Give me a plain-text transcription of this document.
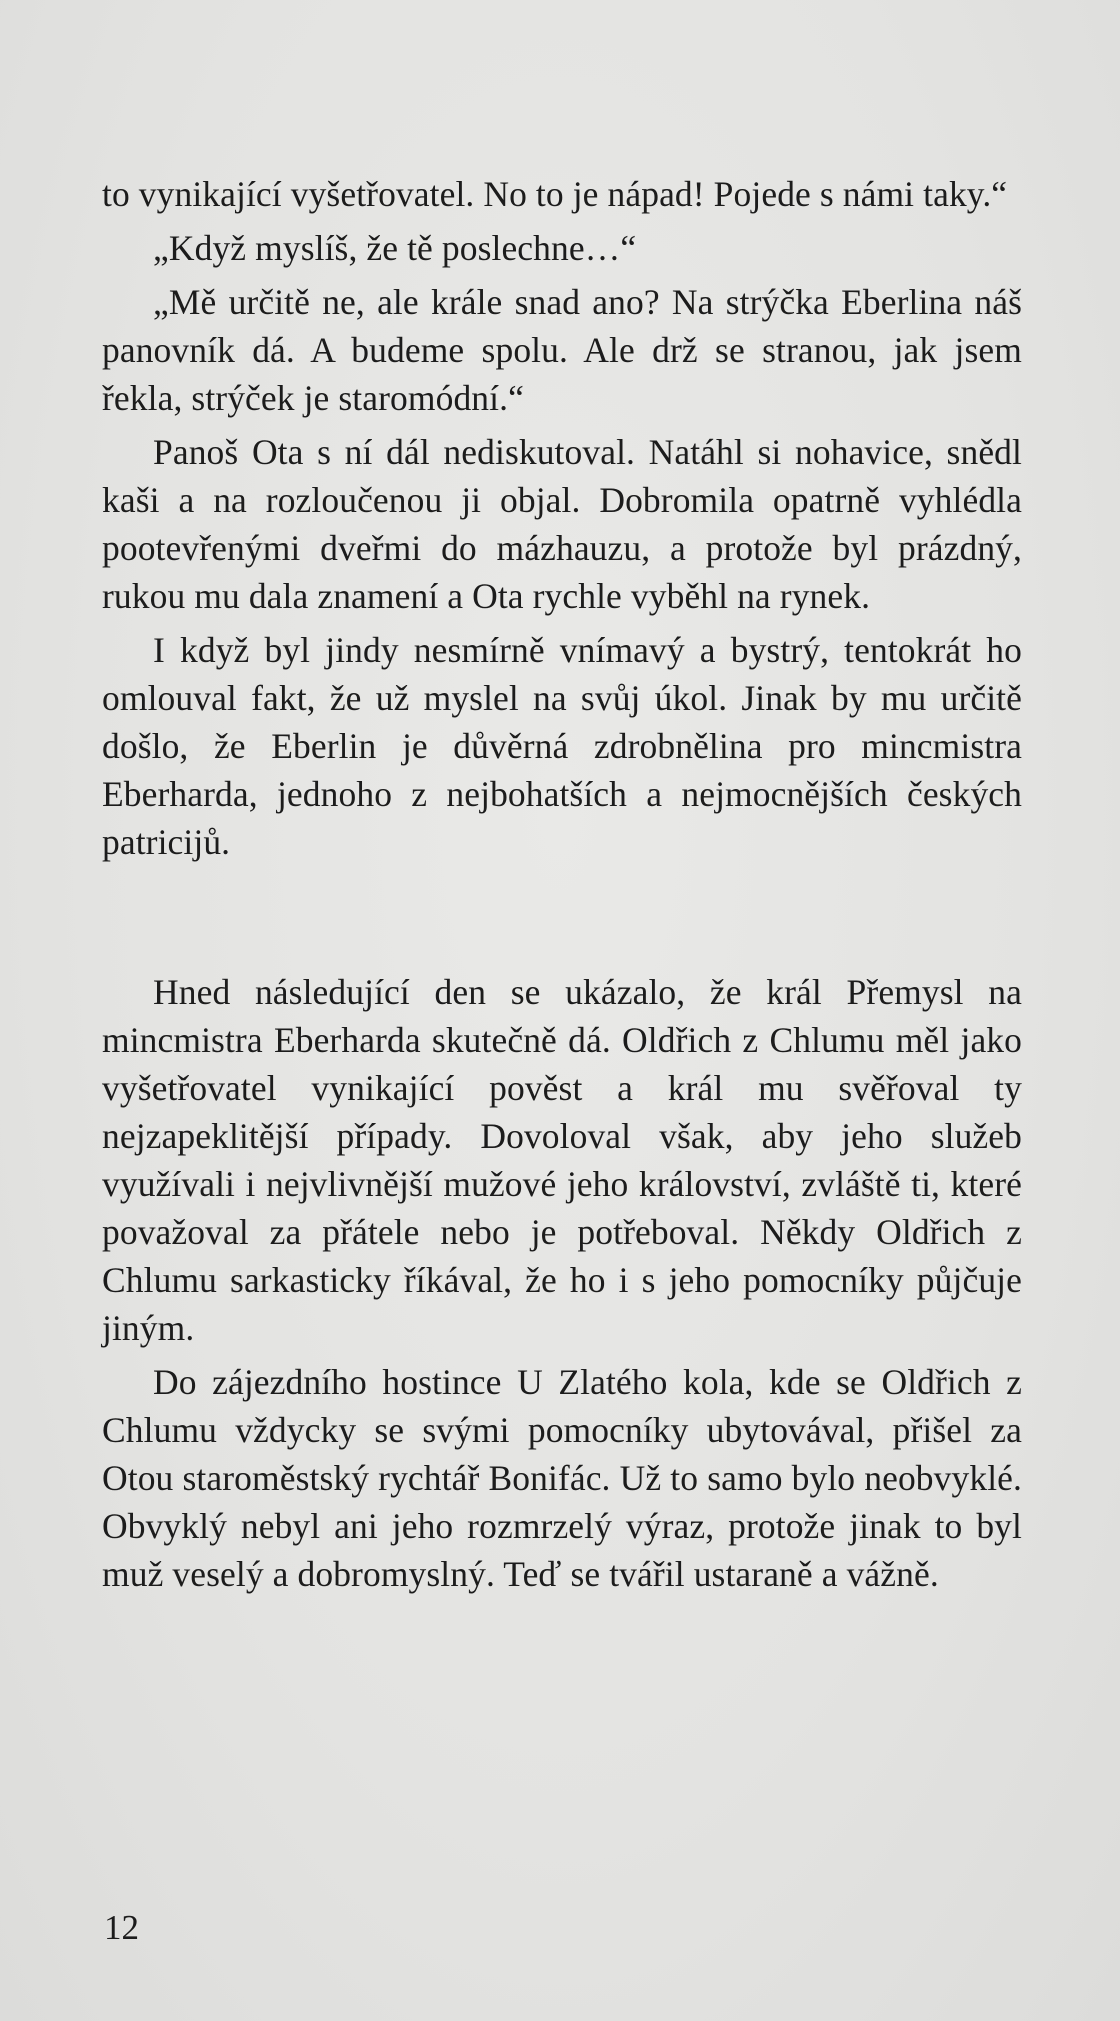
to vynikající vyšetřovatel. No to je nápad! Pojede s námi taky.“

„Když myslíš, že tě poslechne…“

„Mě určitě ne, ale krále snad ano? Na strýčka Eberlina náš panovník dá. A budeme spolu. Ale drž se stranou, jak jsem řekla, strýček je staromódní.“

Panoš Ota s ní dál nediskutoval. Natáhl si nohavice, snědl kaši a na rozloučenou ji objal. Dobromila opatrně vyhlédla pootevřenými dveřmi do mázhauzu, a protože byl prázdný, rukou mu dala znamení a Ota rychle vyběhl na rynek.

I když byl jindy nesmírně vnímavý a bystrý, tentokrát ho omlouval fakt, že už myslel na svůj úkol. Jinak by mu určitě došlo, že Eberlin je důvěrná zdrobnělina pro mincmistra Eberharda, jednoho z nejbohatších a nejmocnějších českých patricijů.

Hned následující den se ukázalo, že král Přemysl na mincmistra Eberharda skutečně dá. Oldřich z Chlumu měl jako vyšetřovatel vynikající pověst a král mu svěřoval ty nejzapeklitější případy. Dovoloval však, aby jeho služeb využívali i nejvlivnější mužové jeho království, zvláště ti, které považoval za přátele nebo je potřeboval. Někdy Oldřich z Chlumu sarkasticky říkával, že ho i s jeho pomocníky půjčuje jiným.

Do zájezdního hostince U Zlatého kola, kde se Oldřich z Chlumu vždycky se svými pomocníky ubytovával, přišel za Otou staroměstský rychtář Bonifác. Už to samo bylo neobvyklé. Obvyklý nebyl ani jeho rozmrzelý výraz, protože jinak to byl muž veselý a dobromyslný. Teď se tvářil ustaraně a vážně.

12
